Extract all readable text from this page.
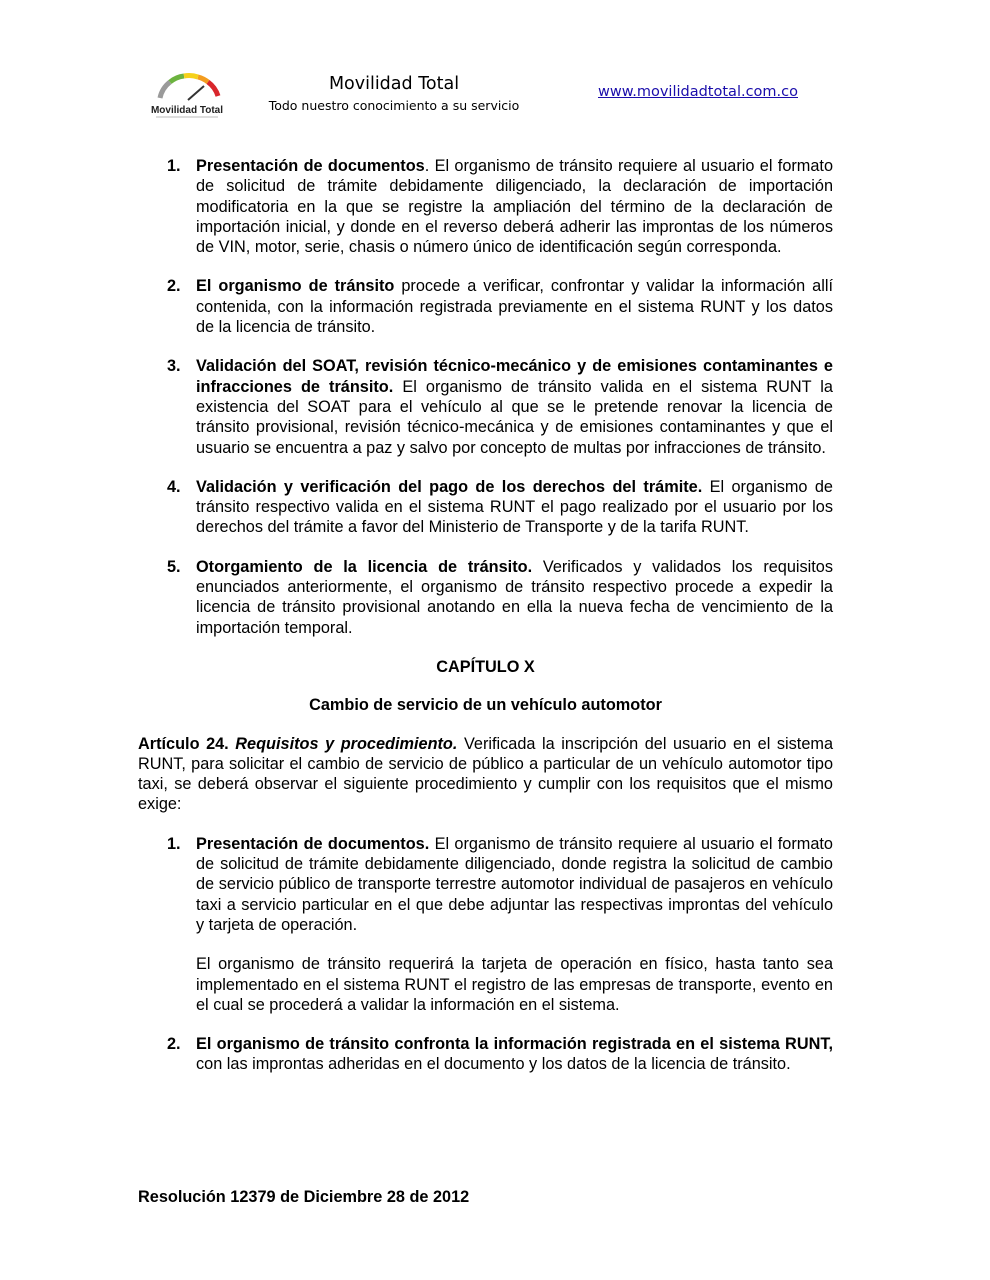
Movilidad Total
Movilidad Total
Todo nuestro conocimiento a su servicio
www.movilidadtotal.com.co
1. Presentación de documentos. El organismo de tránsito requiere al usuario el formato de solicitud de trámite debidamente diligenciado, la declaración de importación modificatoria en la que se registre la ampliación del término de la declaración de importación inicial, y donde en el reverso deberá adherir las improntas de los números de VIN, motor, serie, chasis o número único de identificación según corresponda.

2. El organismo de tránsito procede a verificar, confrontar y validar la información allí contenida, con la información registrada previamente en el sistema RUNT y los datos de la licencia de tránsito.

3. Validación del SOAT, revisión técnico-mecánico y de emisiones contaminantes e infracciones de tránsito. El organismo de tránsito valida en el sistema RUNT la existencia del SOAT para el vehículo al que se le pretende renovar la licencia de tránsito provisional, revisión técnico-mecánica y de emisiones contaminantes y que el usuario se encuentra a paz y salvo por concepto de multas por infracciones de tránsito.

4. Validación y verificación del pago de los derechos del trámite. El organismo de tránsito respectivo valida en el sistema RUNT el pago realizado por el usuario por los derechos del trámite a favor del Ministerio de Transporte y de la tarifa RUNT.

5. Otorgamiento de la licencia de tránsito. Verificados y validados los requisitos enunciados anteriormente, el organismo de tránsito respectivo procede a expedir la licencia de tránsito provisional anotando en ella la nueva fecha de vencimiento de la importación temporal.

CAPÍTULO X
Cambio de servicio de un vehículo automotor

Artículo 24. Requisitos y procedimiento. Verificada la inscripción del usuario en el sistema RUNT, para solicitar el cambio de servicio de público a particular de un vehículo automotor tipo taxi, se deberá observar el siguiente procedimiento y cumplir con los requisitos que el mismo exige:

1. Presentación de documentos. El organismo de tránsito requiere al usuario el formato de solicitud de trámite debidamente diligenciado, donde registra la solicitud de cambio de servicio público de transporte terrestre automotor individual de pasajeros en vehículo taxi a servicio particular en el que debe adjuntar las respectivas improntas del vehículo y tarjeta de operación.

El organismo de tránsito requerirá la tarjeta de operación en físico, hasta tanto sea implementado en el sistema RUNT el registro de las empresas de transporte, evento en el cual se procederá a validar la información en el sistema.

2. El organismo de tránsito confronta la información registrada en el sistema RUNT, con las improntas adheridas en el documento y los datos de la licencia de tránsito.

Resolución 12379 de Diciembre 28 de 2012
